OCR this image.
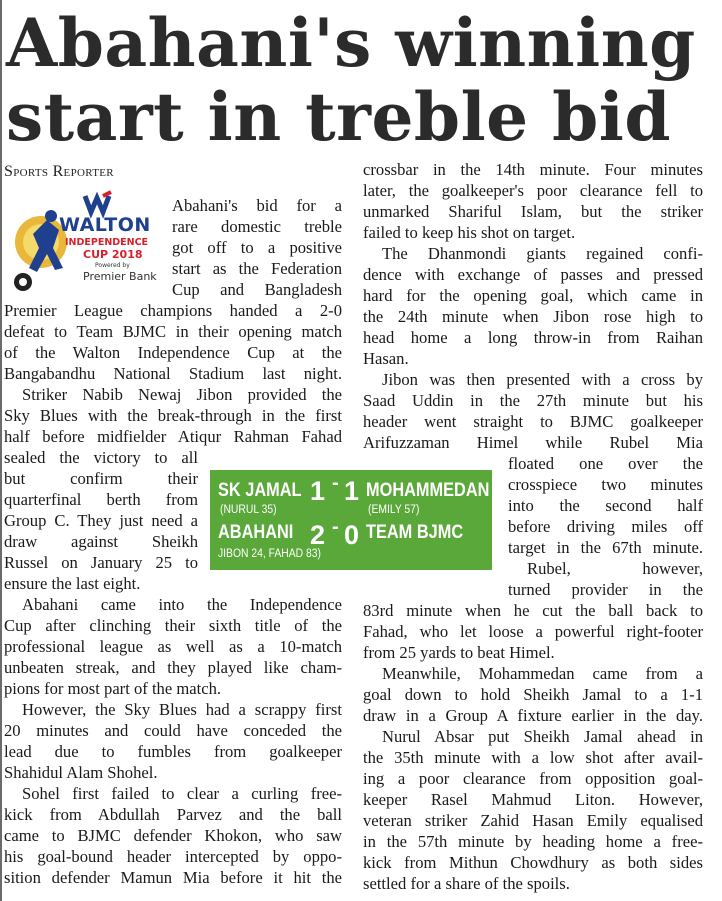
Abahani's winning
start in treble bid
Sports Reporter
WALTON
INDEPENDENCE
CUP 2018
Powered by
Premier Bank
Abahani's bid for a
rare domestic treble
got off to a positive
start as the Federation
Cup and Bangladesh
Premier League champions handed a 2-0
defeat to Team BJMC in their opening match
of the Walton Independence Cup at the
Bangabandhu National Stadium last night.
Striker Nabib Newaj Jibon provided the
Sky Blues with the break-through in the first
half before midfielder Atiqur Rahman Fahad
sealed the victory to all
but confirm their
quarterfinal berth from
Group C. They just need a
draw against Sheikh
Russel on January 25 to
ensure the last eight.
Abahani came into the Independence
Cup after clinching their sixth title of the
professional league as well as a 10-match
unbeaten streak, and they played like cham-
pions for most part of the match.
However, the Sky Blues had a scrappy first
20 minutes and could have conceded the
lead due to fumbles from goalkeeper
Shahidul Alam Shohel.
Sohel first failed to clear a curling free-
kick from Abdullah Parvez and the ball
came to BJMC defender Khokon, who saw
his goal-bound header intercepted by oppo-
sition defender Mamun Mia before it hit the
crossbar in the 14th minute. Four minutes
later, the goalkeeper's poor clearance fell to
unmarked Shariful Islam, but the striker
failed to keep his shot on target.
The Dhanmondi giants regained confi-
dence with exchange of passes and pressed
hard for the opening goal, which came in
the 24th minute when Jibon rose high to
head home a long throw-in from Raihan
Hasan.
Jibon was then presented with a cross by
Saad Uddin in the 27th minute but his
header went straight to BJMC goalkeeper
Arifuzzaman Himel while Rubel Mia
floated one over the
crosspiece two minutes
into the second half
before driving miles off
target in the 67th minute.
Rubel, however,
turned provider in the
83rd minute when he cut the ball back to
Fahad, who let loose a powerful right-footer
from 25 yards to beat Himel.
Meanwhile, Mohammedan came from a
goal down to hold Sheikh Jamal to a 1-1
draw in a Group A fixture earlier in the day.
Nurul Absar put Sheikh Jamal ahead in
the 35th minute with a low shot after avail-
ing a poor clearance from opposition goal-
keeper Rasel Mahmud Liton. However,
veteran striker Zahid Hasan Emily equalised
in the 57th minute by heading home a free-
kick from Mithun Chowdhury as both sides
settled for a share of the spoils.
SK JAMAL
(NURUL 35)
1 - 1 MOHAMMEDAN
(EMILY 57)
ABAHANI
JIBON 24, FAHAD 83)
2 - 0 TEAM BJMC
